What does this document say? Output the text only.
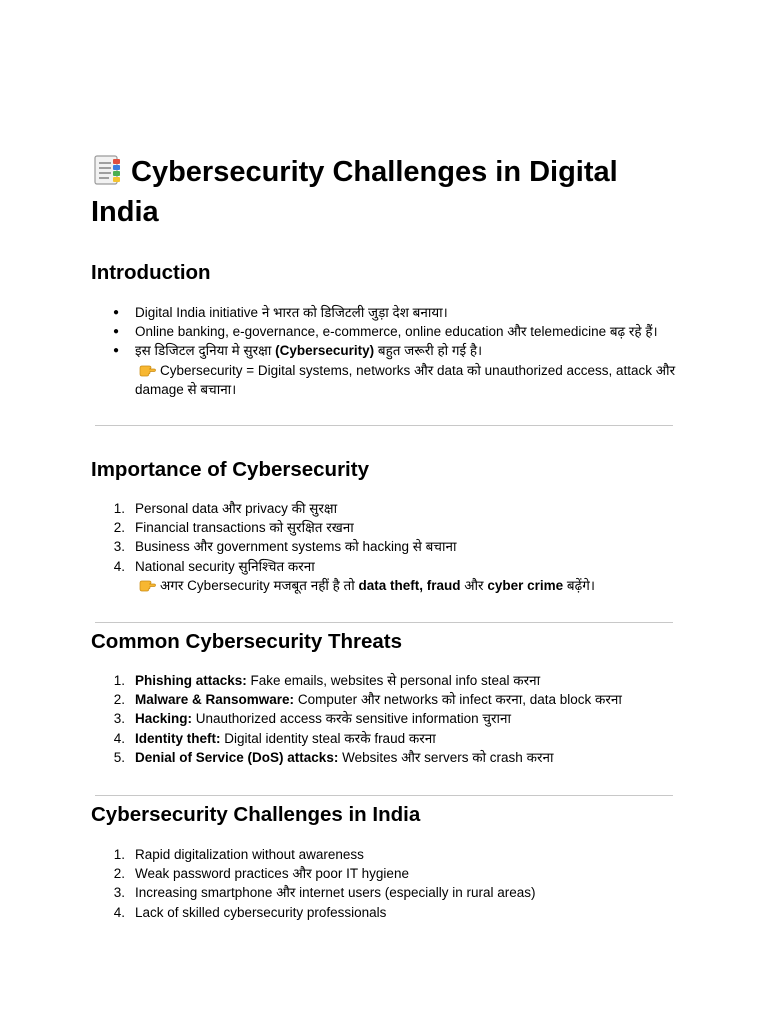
Cybersecurity Challenges in Digital India
Introduction
● Digital India initiative ने भारत को डिजिटली जुड़ा देश बनाया।
● Online banking, e-governance, e-commerce, online education और telemedicine बढ़ रहे हैं।
● इस डिजिटल दुनिया मे सुरक्षा (Cybersecurity) बहुत जरूरी हो गई है।
Cybersecurity = Digital systems, networks और data को unauthorized access, attack और damage से बचाना।
Importance of Cybersecurity
1. Personal data और privacy की सुरक्षा
2. Financial transactions को सुरक्षित रखना
3. Business और government systems को hacking से बचाना
4. National security सुनिश्चित करना
अगर Cybersecurity मजबूत नहीं है तो data theft, fraud और cyber crime बढ़ेंगे।
Common Cybersecurity Threats
1. Phishing attacks: Fake emails, websites से personal info steal करना
2. Malware & Ransomware: Computer और networks को infect करना, data block करना
3. Hacking: Unauthorized access करके sensitive information चुराना
4. Identity theft: Digital identity steal करके fraud करना
5. Denial of Service (DoS) attacks: Websites और servers को crash करना
Cybersecurity Challenges in India
1. Rapid digitalization without awareness
2. Weak password practices और poor IT hygiene
3. Increasing smartphone और internet users (especially in rural areas)
4. Lack of skilled cybersecurity professionals
